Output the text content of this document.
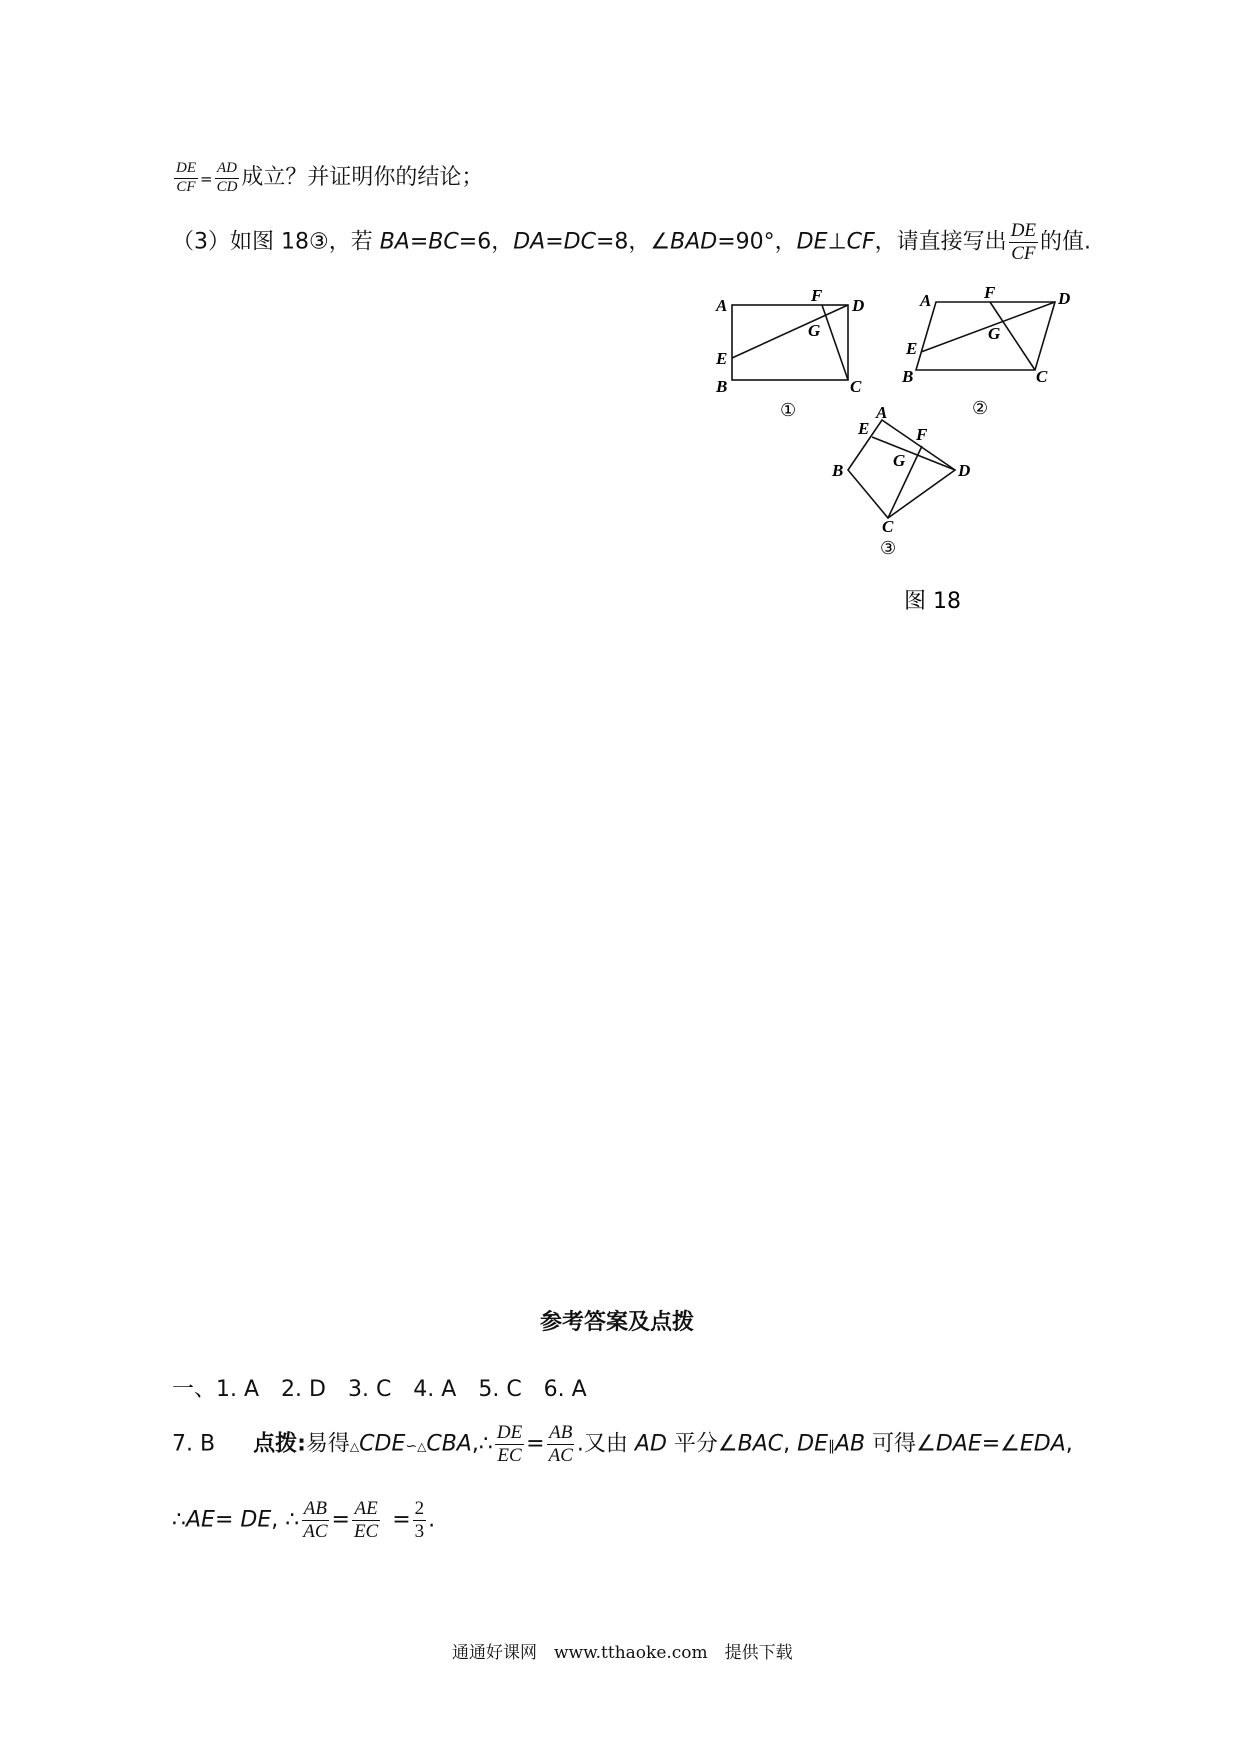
$\frac{DE}{CF} = \frac{AD}{CD}$ 成立？并证明你的结论；
（3）如图 18③，若 BA=BC=6，DA=DC=8，∠BAD=90°，DE⊥CF，请直接写出 $\frac{DE}{CF}$ 的值.
A
F
D
G
E
B	C
①
A	F	D
G
E
B	C
②
A
E	F
G
B	D
C
③
图 18
参考答案及点拨
一、1. A　2. D　3. C　4. A　5. C　6. A
7. B 点拨:易得△CDE∽△CBA,∴ $\frac{DE}{EC} = \frac{AB}{AC}$ .又由 AD 平分∠BAC, DE∥AB 可得∠DAE=∠EDA,
∴AE= DE, ∴ $\frac{AB}{AC} = \frac{AE}{EC} = \frac{2}{3}$ .
通通好课网　www.tthaoke.com　提供下载
